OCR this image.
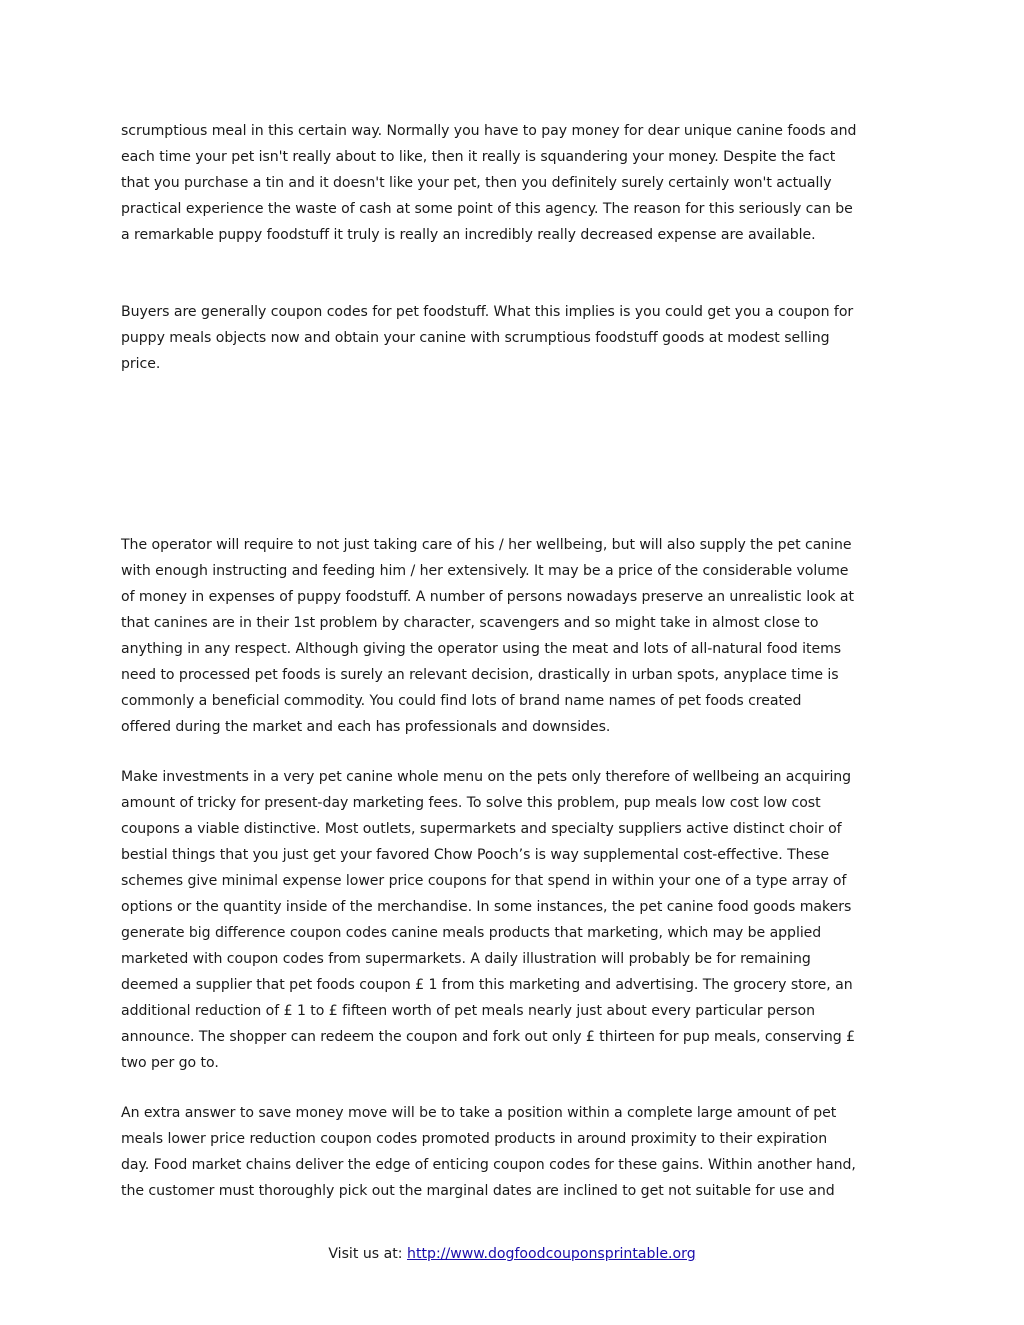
scrumptious meal in this certain way. Normally you have to pay money for dear unique canine foods and
each time your pet isn't really about to like, then it really is squandering your money. Despite the fact
that you purchase a tin and it doesn't like your pet, then you definitely surely certainly won't actually
practical experience the waste of cash at some point of this agency. The reason for this seriously can be
a remarkable puppy foodstuff it truly is really an incredibly really decreased expense are available.
Buyers are generally coupon codes for pet foodstuff. What this implies is you could get you a coupon for
puppy meals objects now and obtain your canine with scrumptious foodstuff goods at modest selling
price.
The operator will require to not just taking care of his / her wellbeing, but will also supply the pet canine
with enough instructing and feeding him / her extensively. It may be a price of the considerable volume
of money in expenses of puppy foodstuff. A number of persons nowadays preserve an unrealistic look at
that canines are in their 1st problem by character, scavengers and so might take in almost close to
anything in any respect. Although giving the operator using the meat and lots of all-natural food items
need to processed pet foods is surely an relevant decision, drastically in urban spots, anyplace time is
commonly a beneficial commodity. You could find lots of brand name names of pet foods created
offered during the market and each has professionals and downsides.
Make investments in a very pet canine whole menu on the pets only therefore of wellbeing an acquiring
amount of tricky for present-day marketing fees. To solve this problem, pup meals low cost low cost
coupons a viable distinctive. Most outlets, supermarkets and specialty suppliers active distinct choir of
bestial things that you just get your favored Chow Pooch’s is way supplemental cost-effective. These
schemes give minimal expense lower price coupons for that spend in within your one of a type array of
options or the quantity inside of the merchandise. In some instances, the pet canine food goods makers
generate big difference coupon codes canine meals products that marketing, which may be applied
marketed with coupon codes from supermarkets. A daily illustration will probably be for remaining
deemed a supplier that pet foods coupon £ 1 from this marketing and advertising. The grocery store, an
additional reduction of £ 1 to £ fifteen worth of pet meals nearly just about every particular person
announce. The shopper can redeem the coupon and fork out only £ thirteen for pup meals, conserving £
two per go to.
An extra answer to save money move will be to take a position within a complete large amount of pet
meals lower price reduction coupon codes promoted products in around proximity to their expiration
day. Food market chains deliver the edge of enticing coupon codes for these gains. Within another hand,
the customer must thoroughly pick out the marginal dates are inclined to get not suitable for use and
Visit us at: http://www.dogfoodcouponsprintable.org
